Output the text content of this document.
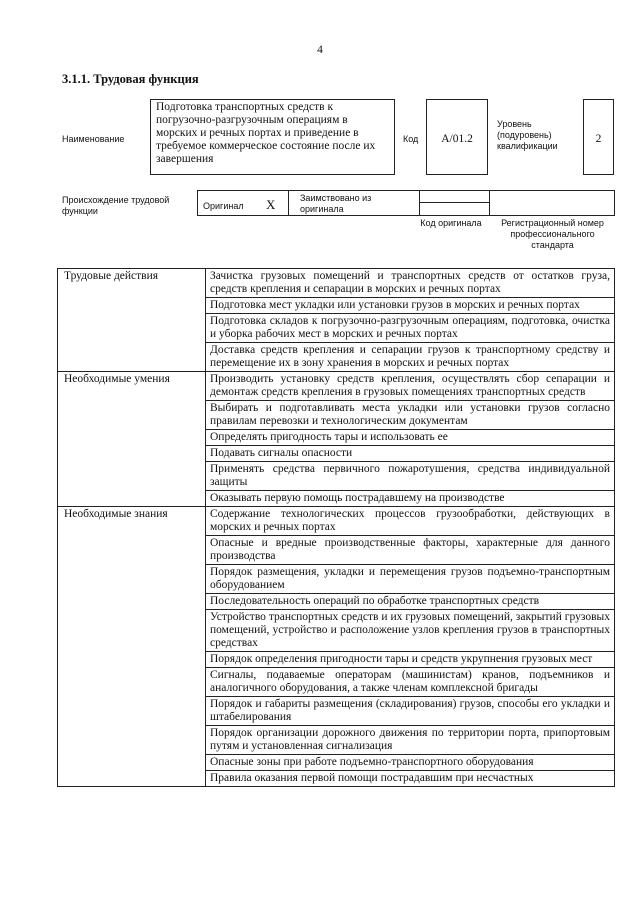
4
3.1.1. Трудовая функция
Наименование
Подготовка транспортных средств к погрузочно-разгрузочным операциям в морских и речных портах и приведение в требуемое коммерческое состояние после их завершения
Код	А/01.2
Уровень (подуровень) квалификации
2
Происхождение трудовой функции	Оригинал Х	Заимствовано из оригинала
Код оригинала	Регистрационный номер профессионального стандарта
Трудовые действия	Зачистка грузовых помещений и транспортных средств от остатков груза, средств крепления и сепарации в морских и речных портах
	Подготовка мест укладки или установки грузов в морских и речных портах
	Подготовка складов к погрузочно-разгрузочным операциям, подготовка, очистка и уборка рабочих мест в морских и речных портах
	Доставка средств крепления и сепарации грузов к транспортному средству и перемещение их в зону хранения в морских и речных портах
Необходимые умения	Производить установку средств крепления, осуществлять сбор сепарации и демонтаж средств крепления в грузовых помещениях транспортных средств
	Выбирать и подготавливать места укладки или установки грузов согласно правилам перевозки и технологическим документам
	Определять пригодность тары и использовать ее
	Подавать сигналы опасности
	Применять средства первичного пожаротушения, средства индивидуальной защиты
	Оказывать первую помощь пострадавшему на производстве
Необходимые знания	Содержание технологических процессов грузообработки, действующих в морских и речных портах
	Опасные и вредные производственные факторы, характерные для данного производства
	Порядок размещения, укладки и перемещения грузов подъемно-транспортным оборудованием
	Последовательность операций по обработке транспортных средств
	Устройство транспортных средств и их грузовых помещений, закрытий грузовых помещений, устройство и расположение узлов крепления грузов в транспортных средствах
	Порядок определения пригодности тары и средств укрупнения грузовых мест
	Сигналы, подаваемые операторам (машинистам) кранов, подъемников и аналогичного оборудования, а также членам комплексной бригады
	Порядок и габариты размещения (складирования) грузов, способы его укладки и штабелирования
	Порядок организации дорожного движения по территории порта, припортовым путям и установленная сигнализация
	Опасные зоны при работе подъемно-транспортного оборудования
	Правила оказания первой помощи пострадавшим при несчастных
